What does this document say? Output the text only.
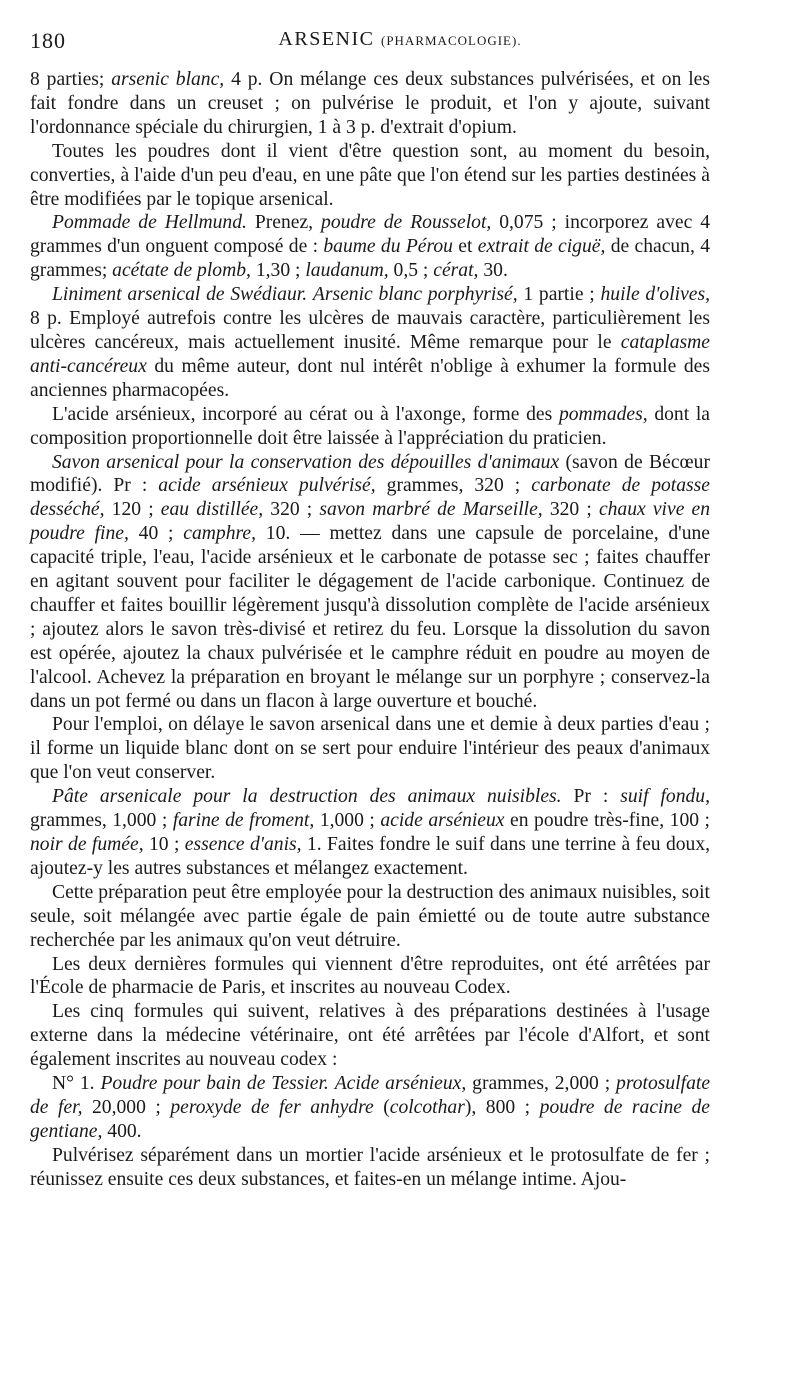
180	ARSENIC (PHARMACOLOGIE).

8 parties; arsenic blanc, 4 p. On mélange ces deux substances pulvérisées, et on les fait fondre dans un creuset ; on pulvérise le produit, et l'on y ajoute, suivant l'ordonnance spéciale du chirurgien, 1 à 3 p. d'extrait d'opium.

Toutes les poudres dont il vient d'être question sont, au moment du besoin, converties, à l'aide d'un peu d'eau, en une pâte que l'on étend sur les parties destinées à être modifiées par le topique arsenical.

Pommade de Hellmund. Prenez, poudre de Rousselot, 0,075 ; incorporez avec 4 grammes d'un onguent composé de : baume du Pérou et extrait de ciguë, de chacun, 4 grammes; acétate de plomb, 1,30 ; laudanum, 0,5 ; cérat, 30.

Liniment arsenical de Swédiaur. Arsenic blanc porphyrisé, 1 partie ; huile d'olives, 8 p. Employé autrefois contre les ulcères de mauvais caractère, particulièrement les ulcères cancéreux, mais actuellement inusité. Même remarque pour le cataplasme anti-cancéreux du même auteur, dont nul intérêt n'oblige à exhumer la formule des anciennes pharmacopées.

L'acide arsénieux, incorporé au cérat ou à l'axonge, forme des pommades, dont la composition proportionnelle doit être laissée à l'appréciation du praticien.

Savon arsenical pour la conservation des dépouilles d'animaux (savon de Bécœur modifié). Pr : acide arsénieux pulvérisé, grammes, 320 ; carbonate de potasse desséché, 120 ; eau distillée, 320 ; savon marbré de Marseille, 320 ; chaux vive en poudre fine, 40 ; camphre, 10. — mettez dans une capsule de porcelaine, d'une capacité triple, l'eau, l'acide arsénieux et le carbonate de potasse sec ; faites chauffer en agitant souvent pour faciliter le dégagement de l'acide carbonique. Continuez de chauffer et faites bouillir légèrement jusqu'à dissolution complète de l'acide arsénieux ; ajoutez alors le savon très-divisé et retirez du feu. Lorsque la dissolution du savon est opérée, ajoutez la chaux pulvérisée et le camphre réduit en poudre au moyen de l'alcool. Achevez la préparation en broyant le mélange sur un porphyre ; conservez-la dans un pot fermé ou dans un flacon à large ouverture et bouché.

Pour l'emploi, on délaye le savon arsenical dans une et demie à deux parties d'eau ; il forme un liquide blanc dont on se sert pour enduire l'intérieur des peaux d'animaux que l'on veut conserver.

Pâte arsenicale pour la destruction des animaux nuisibles. Pr : suif fondu, grammes, 1,000 ; farine de froment, 1,000 ; acide arsénieux en poudre très-fine, 100 ; noir de fumée, 10 ; essence d'anis, 1. Faites fondre le suif dans une terrine à feu doux, ajoutez-y les autres substances et mélangez exactement.

Cette préparation peut être employée pour la destruction des animaux nuisibles, soit seule, soit mélangée avec partie égale de pain émietté ou de toute autre substance recherchée par les animaux qu'on veut détruire.

Les deux dernières formules qui viennent d'être reproduites, ont été arrêtées par l'École de pharmacie de Paris, et inscrites au nouveau Codex.

Les cinq formules qui suivent, relatives à des préparations destinées à l'usage externe dans la médecine vétérinaire, ont été arrêtées par l'école d'Alfort, et sont également inscrites au nouveau codex :

N° 1. Poudre pour bain de Tessier. Acide arsénieux, grammes, 2,000 ; protosulfate de fer, 20,000 ; peroxyde de fer anhydre (colcothar), 800 ; poudre de racine de gentiane, 400.

Pulvérisez séparément dans un mortier l'acide arsénieux et le protosulfate de fer ; réunissez ensuite ces deux substances, et faites-en un mélange intime. Ajou-
